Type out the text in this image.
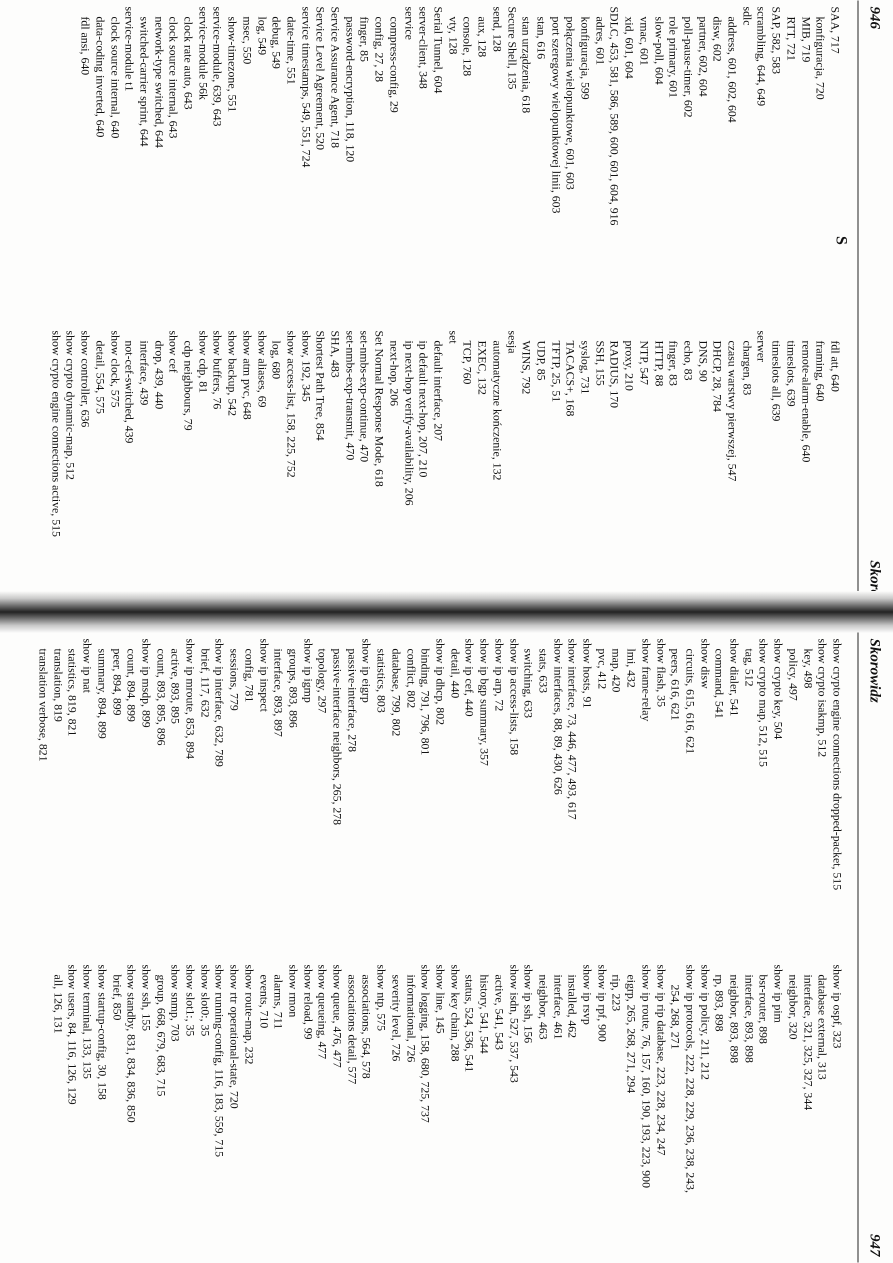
946
S
SAA, 717
konfiguracja, 720
MIB, 719
RTT, 721
SAP, 582, 583
scrambling, 644, 649
sdlc
address, 601, 602, 604
disw, 602
partner, 602, 604
poll-pause-timer, 602
role primary, 601
slow-poll, 604
vmac, 601
xid, 601, 604
SDLC, 453, 581, 586, 589, 600, 601, 604, 916
adres, 601
konfiguracja, 599
połączenia wielopunktowe, 601, 603
port szeregowy wielopunktowej linii, 603
stan, 616
stan urządzenia, 618
Secure Shell, 135
send, 128
aux, 128
console, 128
vty, 128
Serial Tunnel, 604
server-client, 348
service
compress-config, 29
config, 27, 28
finger, 85
password-encryption, 118, 120
Service Assurance Agent, 718
Service Level Agreement, 520
service timestamps, 549, 551, 724
date-time, 551
debug, 549
log, 549
msec, 550
show-timezone, 551
service-module, 639, 643
service-module 56k
clock rate auto, 643
clock source internal, 643
network-type switched, 644
switched-carrier sprint, 644
service-module t1
clock source internal, 640
data-coding inverted, 640
fdl ansi, 640
fdl att, 640
framing, 640
remote-alarm-enable, 640
timeslots, 639
timeslots all, 639
serwer
chargen, 83
czasu warstwy pierwszej, 547
DHCP, 28, 784
DNS, 90
echo, 83
finger, 83
HTTP, 88
NTP, 547
proxy, 210
RADIUS, 170
SSH, 155
syslog, 731
TACACS+, 168
TFTP, 25, 51
UDP, 85
WINS, 792
sesja
automatyczne kończenie, 132
EXEC, 132
TCP, 760
set
default interface, 207
ip default next-hop, 207, 210
ip next-hop verify-availability, 206
next-hop, 206
Set Normal Response Mode, 618
set-nmbs-exp-continue, 470
set-nmbs-exp-transmit, 470
SHA, 483
Shortest Path Tree, 854
show, 192, 345
show access-list, 158, 225, 752
log, 680
show aliases, 69
show atm pvc, 648
show backup, 542
show buffers, 76
show cdp, 81
cdp neighbours, 79
show cef
drop, 439, 440
interface, 439
not-cef-switched, 439
show clock, 575
detail, 554, 575
show controller, 636
show crypto dynamic-map, 512
show crypto engine connections active, 515
Skorowidz
947
show crypto engine connections dropped-packet, 515
show crypto isakmp, 512
key, 498
policy, 497
show crypto key, 504
show crypto map, 512, 515
tag, 512
show dialer, 541
command, 541
show disw
circuits, 615, 616, 621
peers, 616, 621
show flash, 35
show frame-relay
lmi, 432
map, 420
pvc, 412
show hosts, 91
show interface, 73, 446, 477, 493, 617
show interfaces, 88, 89, 430, 626
stats, 633
switching, 633
show ip access-lists, 158
show ip arp, 72
show ip bgp summary, 357
show ip cef, 440
detail, 440
show ip dhcp, 802
binding, 791, 796, 801
conflict, 802
database, 799, 802
statistics, 803
show ip eigrp
passive-interface, 278
passive-interface neighbors, 265, 278
topology, 297
show ip igmp
groups, 893, 896
interface, 893, 897
show ip inspect
config, 781
sessions, 779
show ip interface, 632, 789
brief, 117, 632
show ip mroute, 853, 894
active, 893, 895
count, 893, 895, 896
show ip msdp, 899
count, 894, 899
peer, 894, 899
summary, 894, 899
show ip nat
statistics, 819, 821
translation, 819
translation verbose, 821
show ip ospf, 323
database external, 313
interface, 321, 325, 327, 344
neighbor, 320
show ip pim
bsr-router, 898
interface, 893, 898
neighbor, 893, 898
rp, 893, 898
show ip policy, 211, 212
show ip protocols, 222, 228, 229, 236, 238, 243,
254, 268, 271
show ip rip database, 223, 228, 234, 247
show ip route, 76, 157, 160, 190, 193, 223, 900
eigrp, 265, 268, 271, 294
rip, 223
show ip rpf, 900
show ip rsvp
installed, 462
interface, 461
neighbor, 463
show ip ssh, 156
show isdn, 527, 537, 543
active, 541, 543
history, 541, 544
status, 524, 536, 541
show key chain, 288
show line, 145
show logging, 158, 680, 725, 737
informational, 726
severity level, 726
show ntp, 575
associations, 564, 578
associations detail, 577
show queue, 476, 477
show queueing, 477
show reload, 99
show rmon
alarms, 711
events, 710
show route-map, 232
show rtr operational-state, 720
show running-config, 116, 183, 559, 715
show slot0:, 35
show slot1:, 35
show snmp, 703
group, 668, 679, 683, 715
show ssh, 155
show standby, 831, 834, 836, 850
brief, 850
show startup-config, 30, 158
show terminal, 133, 135
show users, 84, 116, 126, 129
all, 126, 131
